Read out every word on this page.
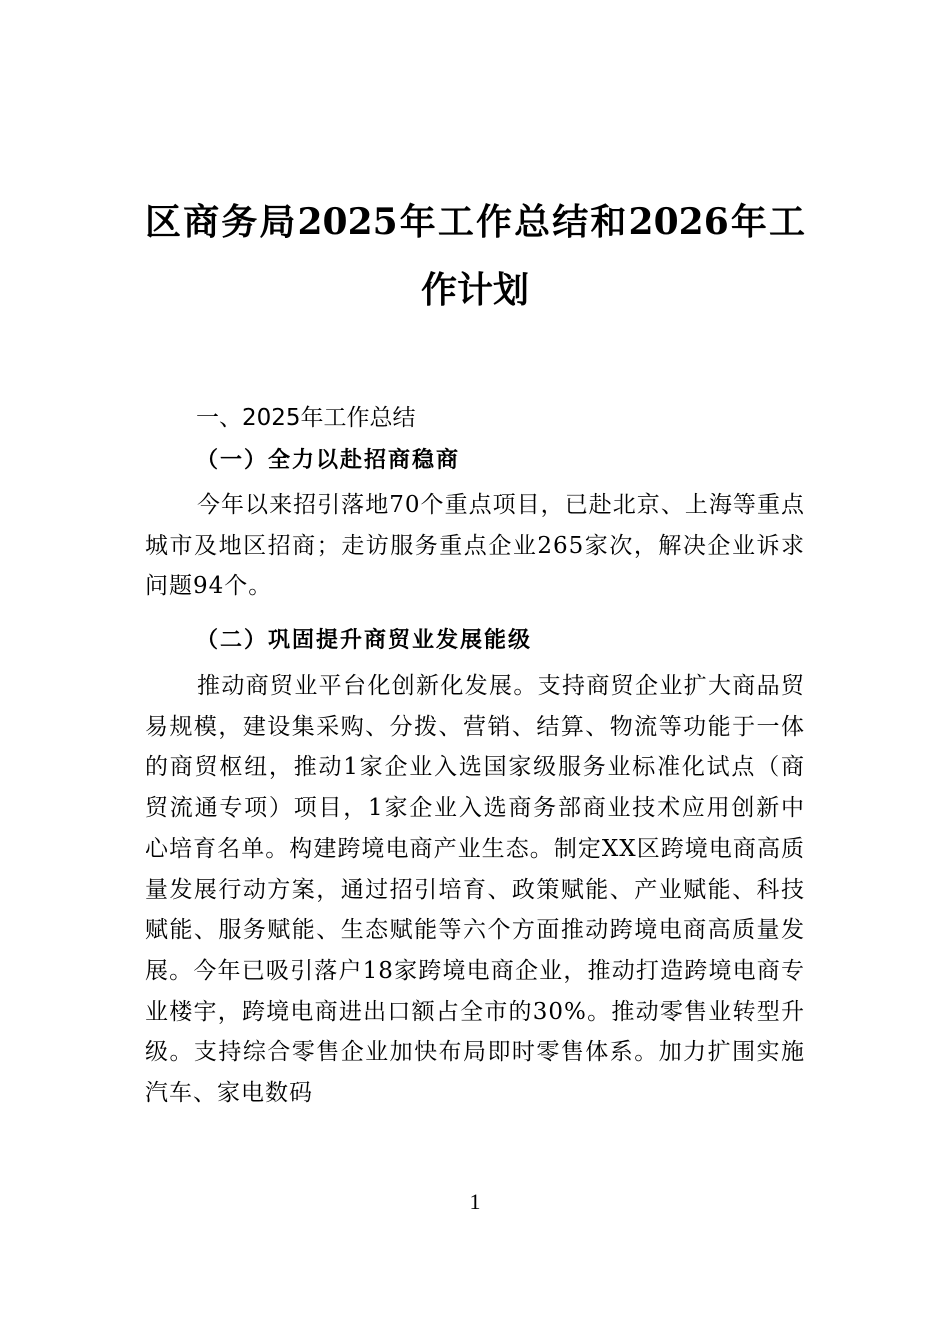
区商务局2025年工作总结和2026年工作计划
一、2025年工作总结
（一）全力以赴招商稳商

今年以来招引落地70个重点项目，已赴北京、上海等重点城市及地区招商；走访服务重点企业265家次，解决企业诉求问题94个。

（二）巩固提升商贸业发展能级

推动商贸业平台化创新化发展。支持商贸企业扩大商品贸易规模，建设集采购、分拨、营销、结算、物流等功能于一体的商贸枢纽，推动1家企业入选国家级服务业标准化试点（商贸流通专项）项目，1家企业入选商务部商业技术应用创新中心培育名单。构建跨境电商产业生态。制定XX区跨境电商高质量发展行动方案，通过招引培育、政策赋能、产业赋能、科技赋能、服务赋能、生态赋能等六个方面推动跨境电商高质量发展。今年已吸引落户18家跨境电商企业，推动打造跨境电商专业楼宇，跨境电商进出口额占全市的30%。推动零售业转型升级。支持综合零售企业加快布局即时零售体系。加力扩围实施汽车、家电数码

1
